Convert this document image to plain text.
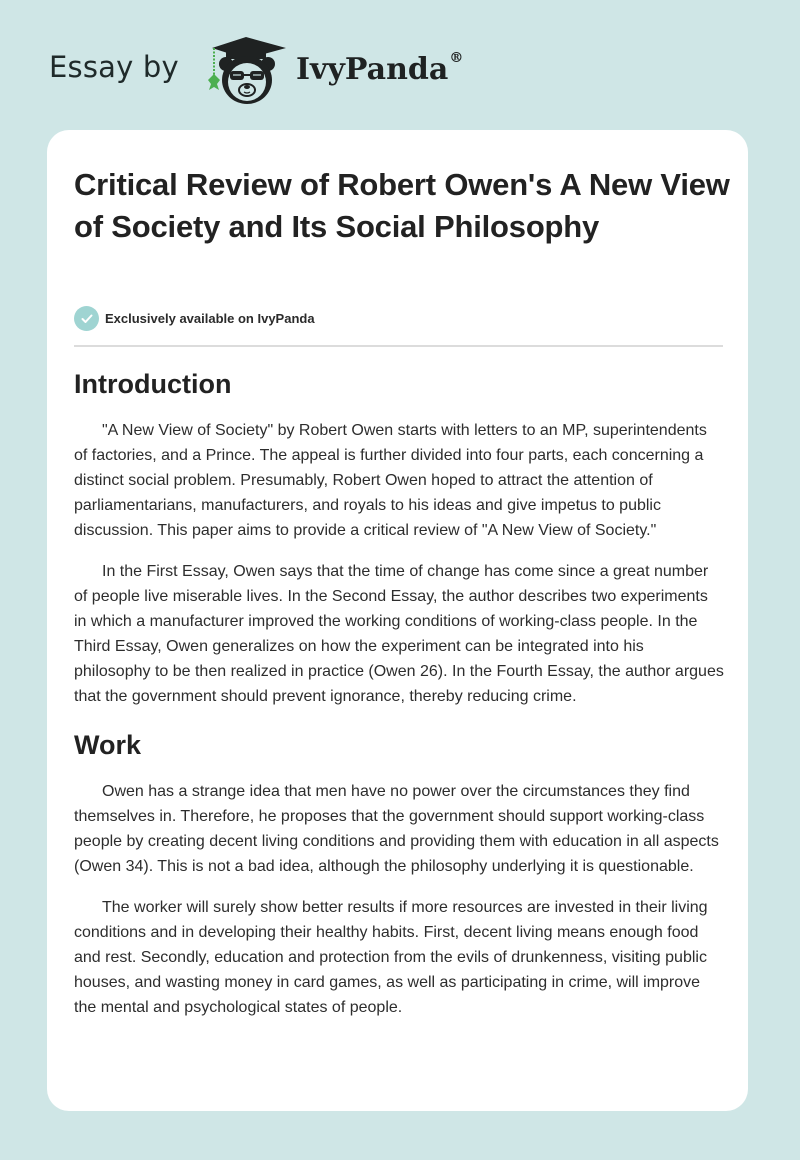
Essay by	IvyPanda®
Critical Review of Robert Owen's A New View of Society and Its Social Philosophy
Exclusively available on IvyPanda
Introduction

"A New View of Society" by Robert Owen starts with letters to an MP, superintendents of factories, and a Prince. The appeal is further divided into four parts, each concerning a distinct social problem. Presumably, Robert Owen hoped to attract the attention of parliamentarians, manufacturers, and royals to his ideas and give impetus to public discussion. This paper aims to provide a critical review of "A New View of Society."

In the First Essay, Owen says that the time of change has come since a great number of people live miserable lives. In the Second Essay, the author describes two experiments in which a manufacturer improved the working conditions of working-class people. In the Third Essay, Owen generalizes on how the experiment can be integrated into his philosophy to be then realized in practice (Owen 26). In the Fourth Essay, the author argues that the government should prevent ignorance, thereby reducing crime.

Work

Owen has a strange idea that men have no power over the circumstances they find themselves in. Therefore, he proposes that the government should support working-class people by creating decent living conditions and providing them with education in all aspects (Owen 34). This is not a bad idea, although the philosophy underlying it is questionable.

The worker will surely show better results if more resources are invested in their living conditions and in developing their healthy habits. First, decent living means enough food and rest. Secondly, education and protection from the evils of drunkenness, visiting public houses, and wasting money in card games, as well as participating in crime, will improve the mental and psychological states of people.
